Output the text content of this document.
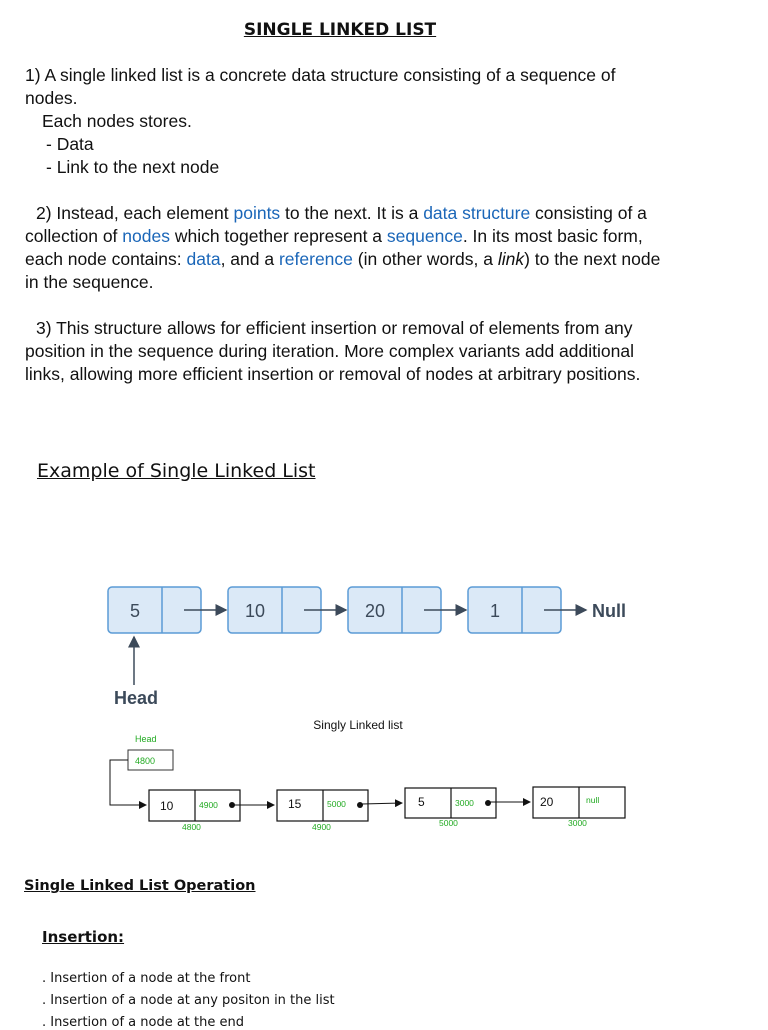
SINGLE LINKED LIST
1) A single linked list is a concrete data structure consisting of a sequence of
nodes.
Each nodes stores.
- Data
- Link to the next node
2) Instead, each element points to the next. It is a data structure consisting of a
collection of nodes which together represent a sequence. In its most basic form,
each node contains: data, and a reference (in other words, a link) to the next node
in the sequence.
3) This structure allows for efficient insertion or removal of elements from any
position in the sequence during iteration. More complex variants add additional
links, allowing more efficient insertion or removal of nodes at arbitrary positions.
Example of Single Linked List
5	10	20	1	Null
Head
Singly Linked list
Head
4800
10	4900
4800
15	5000
4900
5	3000
5000
20	null
3000
Single Linked List Operation
Insertion:
. Insertion of a node at the front
. Insertion of a node at any positon in the list
. Insertion of a node at the end
